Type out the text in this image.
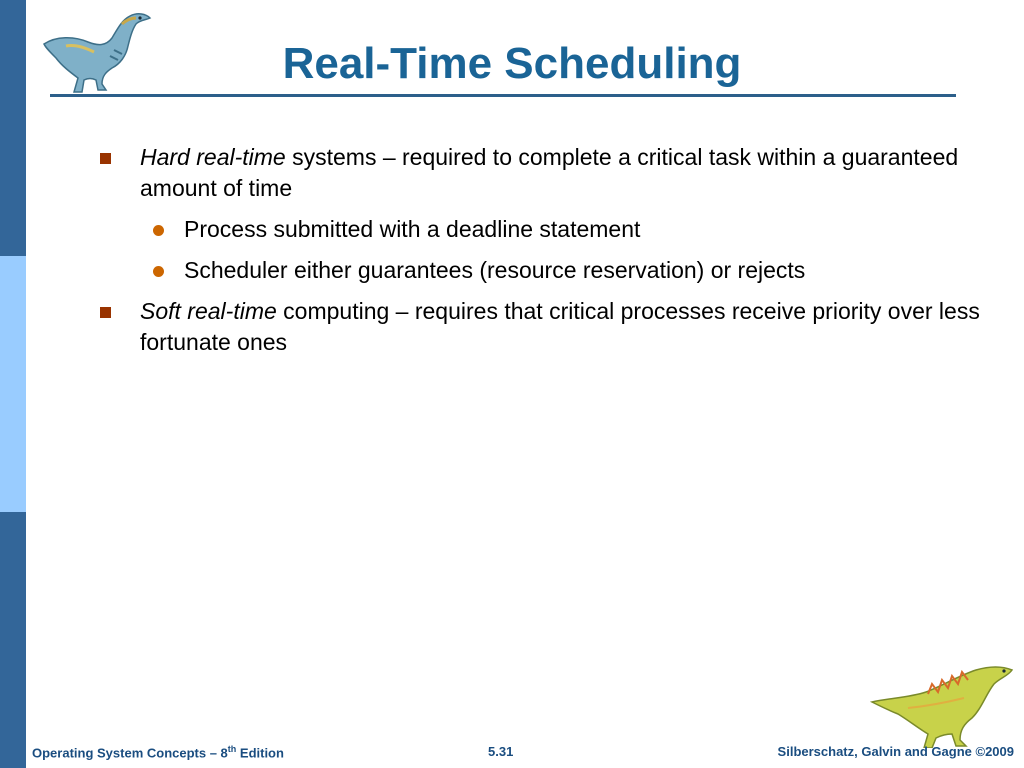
Real-Time Scheduling
Hard real-time systems – required to complete a critical task within a guaranteed amount of time
Process submitted with a deadline statement
Scheduler either guarantees (resource reservation) or rejects
Soft real-time computing – requires that critical processes receive priority over less fortunate ones
Operating System Concepts – 8th Edition	5.31	Silberschatz, Galvin and Gagne ©2009
